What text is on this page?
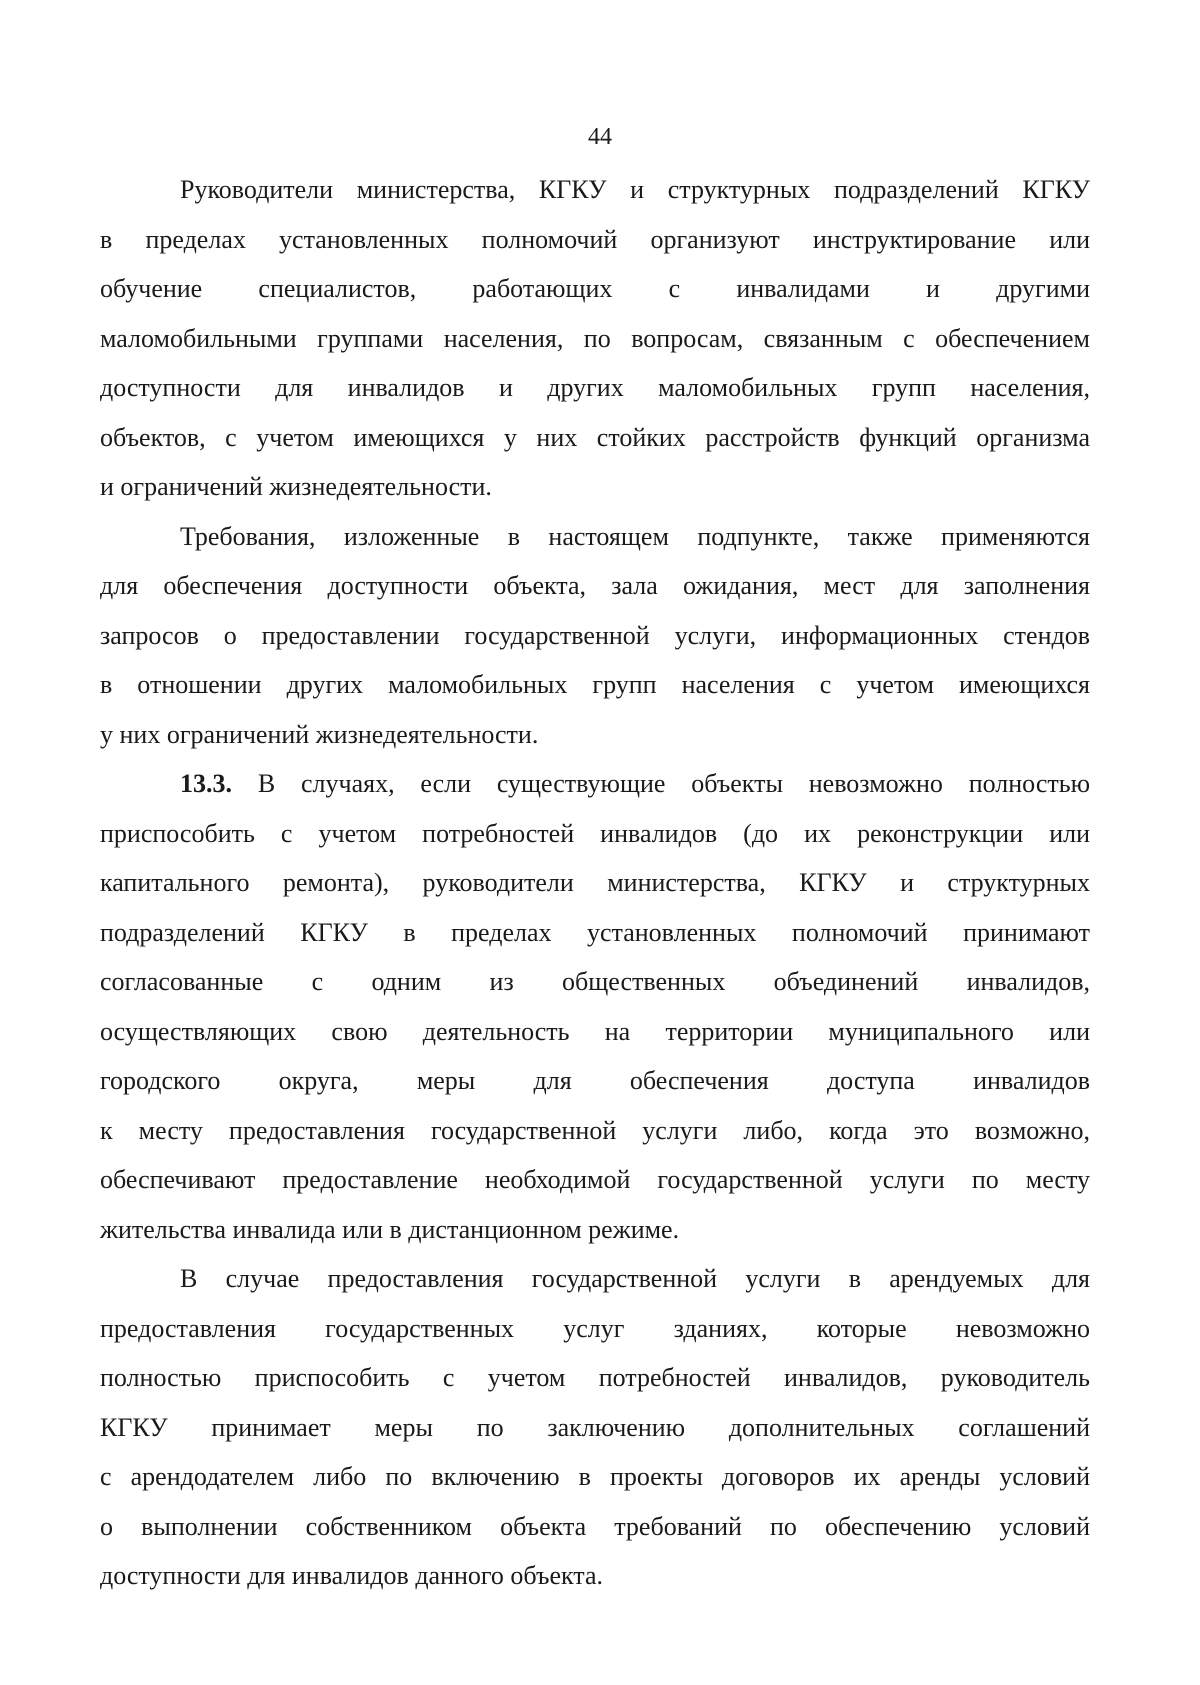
44
Руководители министерства, КГКУ и структурных подразделений КГКУ
в пределах установленных полномочий организуют инструктирование или
обучение специалистов, работающих с инвалидами и другими
маломобильными группами населения, по вопросам, связанным с обеспечением
доступности для инвалидов и других маломобильных групп населения,
объектов, с учетом имеющихся у них стойких расстройств функций организма
и ограничений жизнедеятельности.
Требования, изложенные в настоящем подпункте, также применяются
для обеспечения доступности объекта, зала ожидания, мест для заполнения
запросов о предоставлении государственной услуги, информационных стендов
в отношении других маломобильных групп населения с учетом имеющихся
у них ограничений жизнедеятельности.
13.3. В случаях, если существующие объекты невозможно полностью
приспособить с учетом потребностей инвалидов (до их реконструкции или
капитального ремонта), руководители министерства, КГКУ и структурных
подразделений КГКУ в пределах установленных полномочий принимают
согласованные с одним из общественных объединений инвалидов,
осуществляющих свою деятельность на территории муниципального или
городского округа, меры для обеспечения доступа инвалидов
к месту предоставления государственной услуги либо, когда это возможно,
обеспечивают предоставление необходимой государственной услуги по месту
жительства инвалида или в дистанционном режиме.
В случае предоставления государственной услуги в арендуемых для
предоставления государственных услуг зданиях, которые невозможно
полностью приспособить с учетом потребностей инвалидов, руководитель
КГКУ принимает меры по заключению дополнительных соглашений
с арендодателем либо по включению в проекты договоров их аренды условий
о выполнении собственником объекта требований по обеспечению условий
доступности для инвалидов данного объекта.
